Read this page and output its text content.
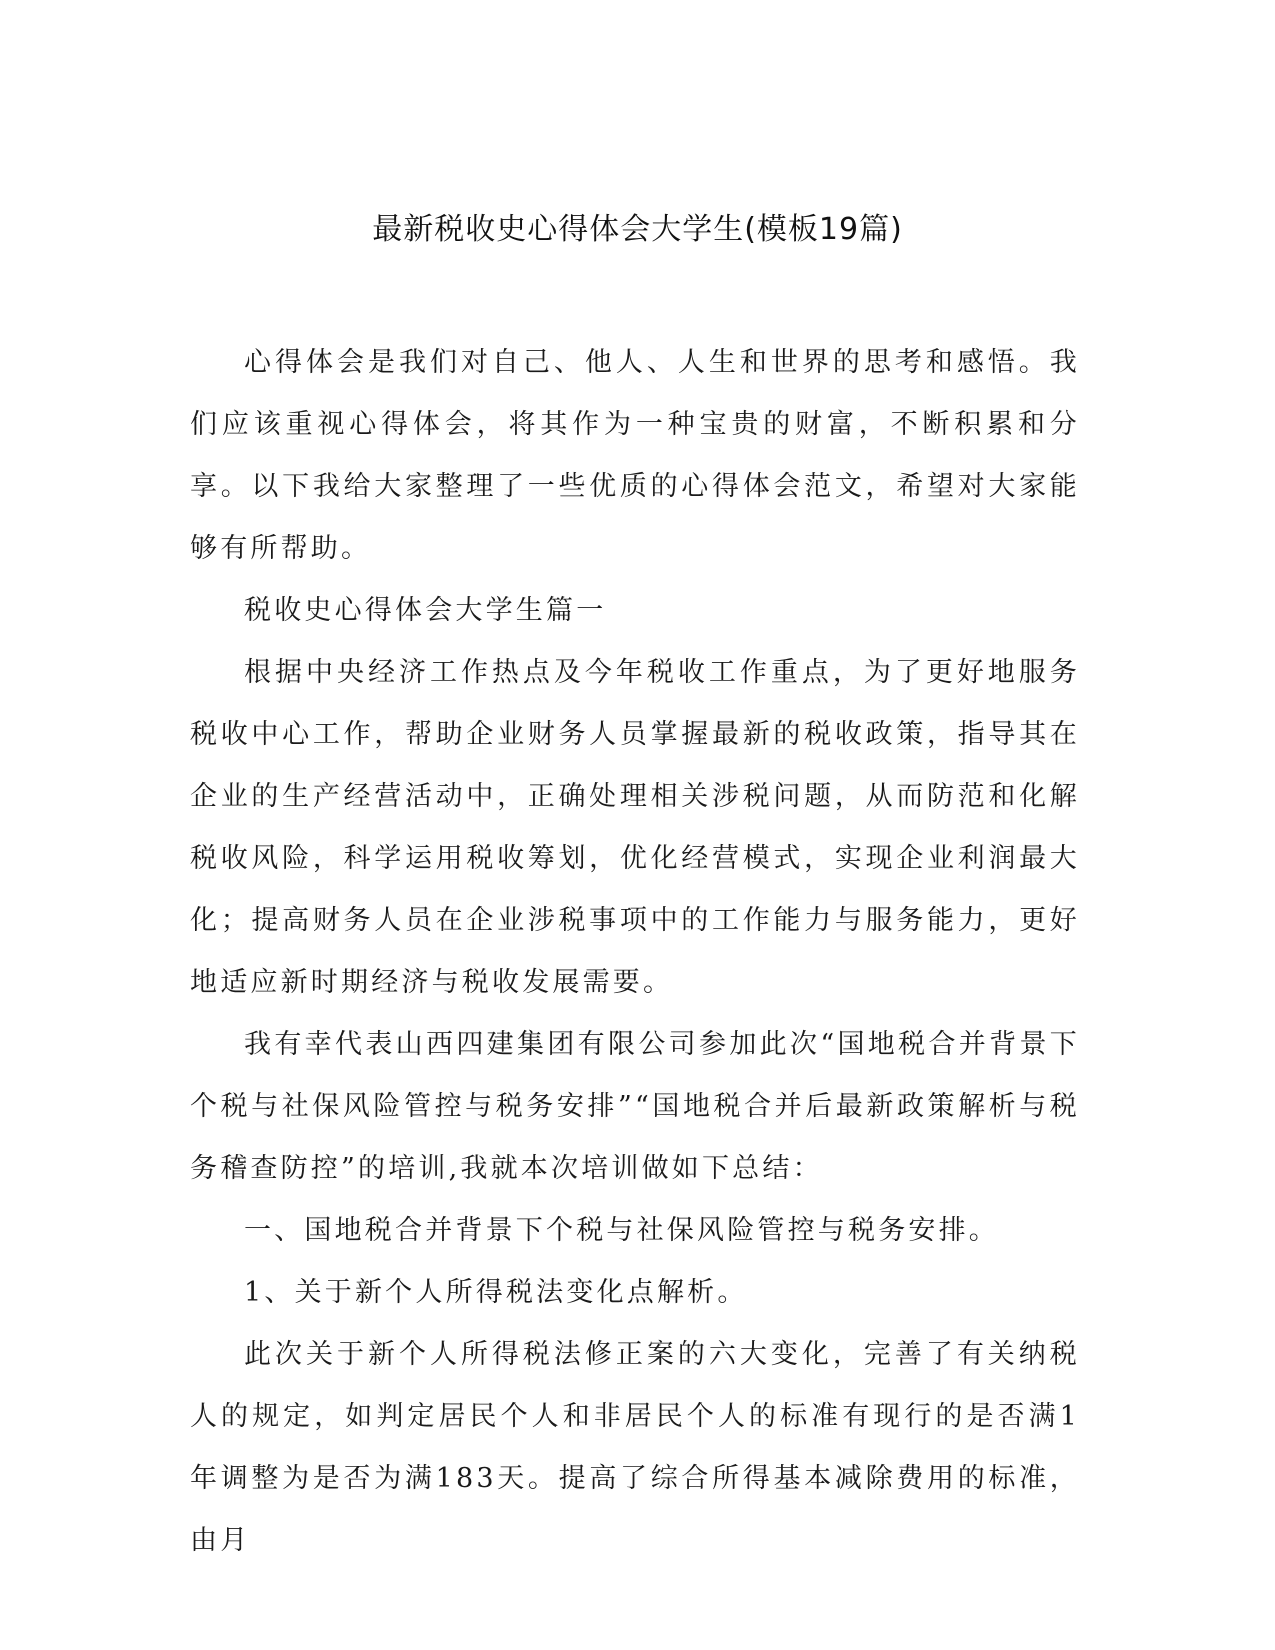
最新税收史心得体会大学生(模板19篇)

心得体会是我们对自己、他人、人生和世界的思考和感悟。我们应该重视心得体会，将其作为一种宝贵的财富，不断积累和分享。以下我给大家整理了一些优质的心得体会范文，希望对大家能够有所帮助。

税收史心得体会大学生篇一

根据中央经济工作热点及今年税收工作重点，为了更好地服务税收中心工作，帮助企业财务人员掌握最新的税收政策，指导其在企业的生产经营活动中，正确处理相关涉税问题，从而防范和化解税收风险，科学运用税收筹划，优化经营模式，实现企业利润最大化；提高财务人员在企业涉税事项中的工作能力与服务能力，更好地适应新时期经济与税收发展需要。

我有幸代表山西四建集团有限公司参加此次“国地税合并背景下个税与社保风险管控与税务安排”“国地税合并后最新政策解析与税务稽查防控”的培训,我就本次培训做如下总结：

一、国地税合并背景下个税与社保风险管控与税务安排。

1、关于新个人所得税法变化点解析。

此次关于新个人所得税法修正案的六大变化，完善了有关纳税人的规定，如判定居民个人和非居民个人的标准有现行的是否满1年调整为是否为满183天。提高了综合所得基本减除费用的标准，由月
